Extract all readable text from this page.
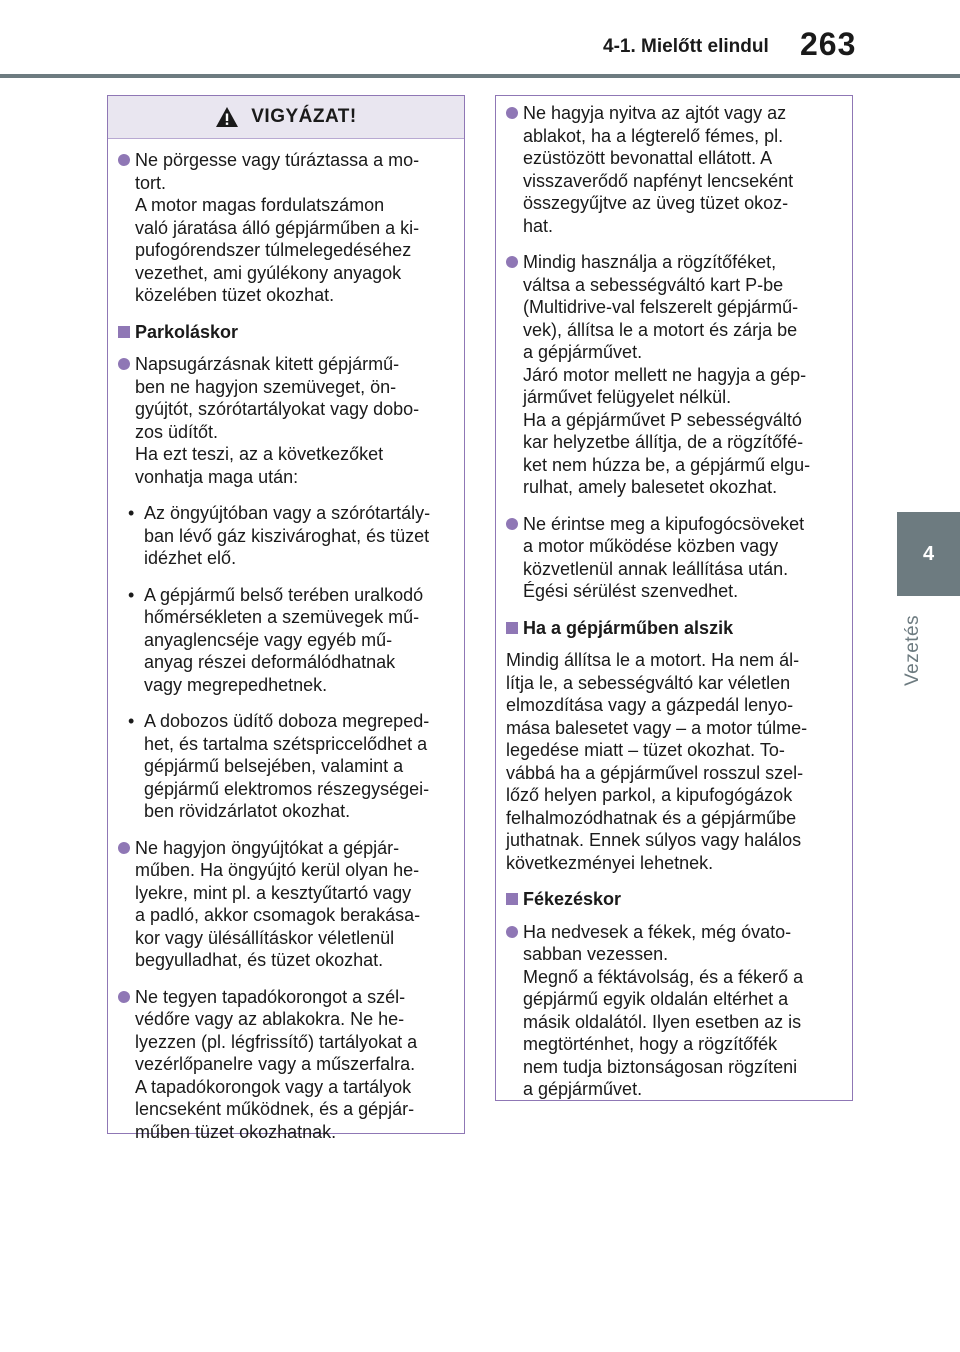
4-1. Mielőtt elindul 263
4
Vezetés
VIGYÁZAT!
Ne pörgesse vagy túráztassa a mo-
tort.
A motor magas fordulatszámon
való járatása álló gépjárműben a ki-
pufogórendszer túlmelegedéséhez
vezethet, ami gyúlékony anyagok
közelében tüzet okozhat.
Parkoláskor
Napsugárzásnak kitett gépjármű-
ben ne hagyjon szemüveget, ön-
gyújtót, szórótartályokat vagy dobo-
zos üdítőt.
Ha ezt teszi, az a következőket
vonhatja maga után:
• Az öngyújtóban vagy a szórótartály-
ban lévő gáz kiszivároghat, és tüzet
idézhet elő.
• A gépjármű belső terében uralkodó
hőmérsékleten a szemüvegek mű-
anyaglencséje vagy egyéb mű-
anyag részei deformálódhatnak
vagy megrepedhetnek.
• A dobozos üdítő doboza megreped-
het, és tartalma szétspriccelődhet a
gépjármű belsejében, valamint a
gépjármű elektromos részegységei-
ben rövidzárlatot okozhat.
Ne hagyjon öngyújtókat a gépjár-
műben. Ha öngyújtó kerül olyan he-
lyekre, mint pl. a kesztyűtartó vagy
a padló, akkor csomagok berakása-
kor vagy ülésállításkor véletlenül
begyulladhat, és tüzet okozhat.
Ne tegyen tapadókorongot a szél-
védőre vagy az ablakokra. Ne he-
lyezzen (pl. légfrissítő) tartályokat a
vezérlőpanelre vagy a műszerfalra.
A tapadókorongok vagy a tartályok
lencseként működnek, és a gépjár-
műben tüzet okozhatnak.
Ne hagyja nyitva az ajtót vagy az
ablakot, ha a légterelő fémes, pl.
ezüstözött bevonattal ellátott. A
visszaverődő napfényt lencseként
összegyűjtve az üveg tüzet okoz-
hat.
Mindig használja a rögzítőféket,
váltsa a sebességváltó kart P-be
(Multidrive-val felszerelt gépjármű-
vek), állítsa le a motort és zárja be
a gépjárművet.
Járó motor mellett ne hagyja a gép-
járművet felügyelet nélkül.
Ha a gépjárművet P sebességváltó
kar helyzetbe állítja, de a rögzítőfé-
ket nem húzza be, a gépjármű elgu-
rulhat, amely balesetet okozhat.
Ne érintse meg a kipufogócsöveket
a motor működése közben vagy
közvetlenül annak leállítása után.
Égési sérülést szenvedhet.
Ha a gépjárműben alszik
Mindig állítsa le a motort. Ha nem ál-
lítja le, a sebességváltó kar véletlen
elmozdítása vagy a gázpedál lenyo-
mása balesetet vagy – a motor túlme-
legedése miatt – tüzet okozhat. To-
vábbá ha a gépjárművel rosszul szel-
lőző helyen parkol, a kipufogógázok
felhalmozódhatnak és a gépjárműbe
juthatnak. Ennek súlyos vagy halálos
következményei lehetnek.
Fékezéskor
Ha nedvesek a fékek, még óvato-
sabban vezessen.
Megnő a féktávolság, és a fékerő a
gépjármű egyik oldalán eltérhet a
másik oldalától. Ilyen esetben az is
megtörténhet, hogy a rögzítőfék
nem tudja biztonságosan rögzíteni
a gépjárművet.
